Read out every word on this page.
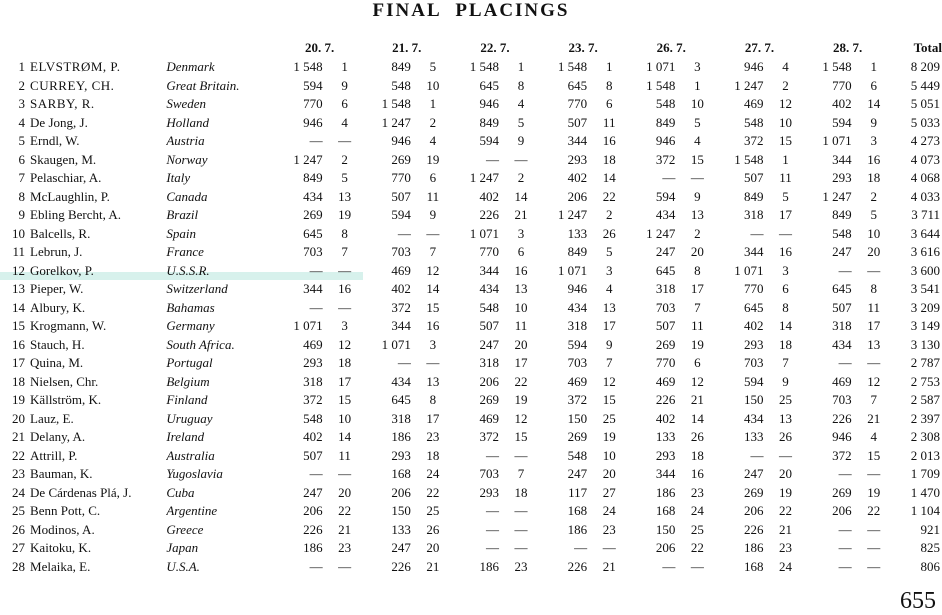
FINAL PLACINGS
			20. 7.		21. 7.		22. 7.		23. 7.		26. 7.		27. 7.		28. 7.		Total
1	ELVSTRØM, P.	Denmark	1 548	1	849	5	1 548	1	1 548	1	1 071	3	946	4	1 548	1	8 209
2	CURREY, CH.	Great Britain.	594	9	548	10	645	8	645	8	1 548	1	1 247	2	770	6	5 449
3	SARBY, R.	Sweden	770	6	1 548	1	946	4	770	6	548	10	469	12	402	14	5 051
4	De Jong, J.	Holland	946	4	1 247	2	849	5	507	11	849	5	548	10	594	9	5 033
5	Erndl, W.	Austria	—	—	946	4	594	9	344	16	946	4	372	15	1 071	3	4 273
6	Skaugen, M.	Norway	1 247	2	269	19	—	—	293	18	372	15	1 548	1	344	16	4 073
7	Pelaschiar, A.	Italy	849	5	770	6	1 247	2	402	14	—	—	507	11	293	18	4 068
8	McLaughlin, P.	Canada	434	13	507	11	402	14	206	22	594	9	849	5	1 247	2	4 033
9	Ebling Bercht, A.	Brazil	269	19	594	9	226	21	1 247	2	434	13	318	17	849	5	3 711
10	Balcells, R.	Spain	645	8	—	—	1 071	3	133	26	1 247	2	—	—	548	10	3 644
11	Lebrun, J.	France	703	7	703	7	770	6	849	5	247	20	344	16	247	20	3 616
12	Gorelkov, P.	U.S.S.R.	—	—	469	12	344	16	1 071	3	645	8	1 071	3	—	—	3 600
13	Pieper, W.	Switzerland	344	16	402	14	434	13	946	4	318	17	770	6	645	8	3 541
14	Albury, K.	Bahamas	—	—	372	15	548	10	434	13	703	7	645	8	507	11	3 209
15	Krogmann, W.	Germany	1 071	3	344	16	507	11	318	17	507	11	402	14	318	17	3 149
16	Stauch, H.	South Africa.	469	12	1 071	3	247	20	594	9	269	19	293	18	434	13	3 130
17	Quina, M.	Portugal	293	18	—	—	318	17	703	7	770	6	703	7	—	—	2 787
18	Nielsen, Chr.	Belgium	318	17	434	13	206	22	469	12	469	12	594	9	469	12	2 753
19	Källström, K.	Finland	372	15	645	8	269	19	372	15	226	21	150	25	703	7	2 587
20	Lauz, E.	Uruguay	548	10	318	17	469	12	150	25	402	14	434	13	226	21	2 397
21	Delany, A.	Ireland	402	14	186	23	372	15	269	19	133	26	133	26	946	4	2 308
22	Attrill, P.	Australia	507	11	293	18	—	—	548	10	293	18	—	—	372	15	2 013
23	Bauman, K.	Yugoslavia	—	—	168	24	703	7	247	20	344	16	247	20	—	—	1 709
24	De Cárdenas Plá, J.	Cuba	247	20	206	22	293	18	117	27	186	23	269	19	269	19	1 470
25	Benn Pott, C.	Argentine	206	22	150	25	—	—	168	24	168	24	206	22	206	22	1 104
26	Modinos, A.	Greece	226	21	133	26	—	—	186	23	150	25	226	21	—	—	921
27	Kaitoku, K.	Japan	186	23	247	20	—	—	—	—	206	22	186	23	—	—	825
28	Melaika, E.	U.S.A.	—	—	226	21	186	23	226	21	—	—	168	24	—	—	806
655
